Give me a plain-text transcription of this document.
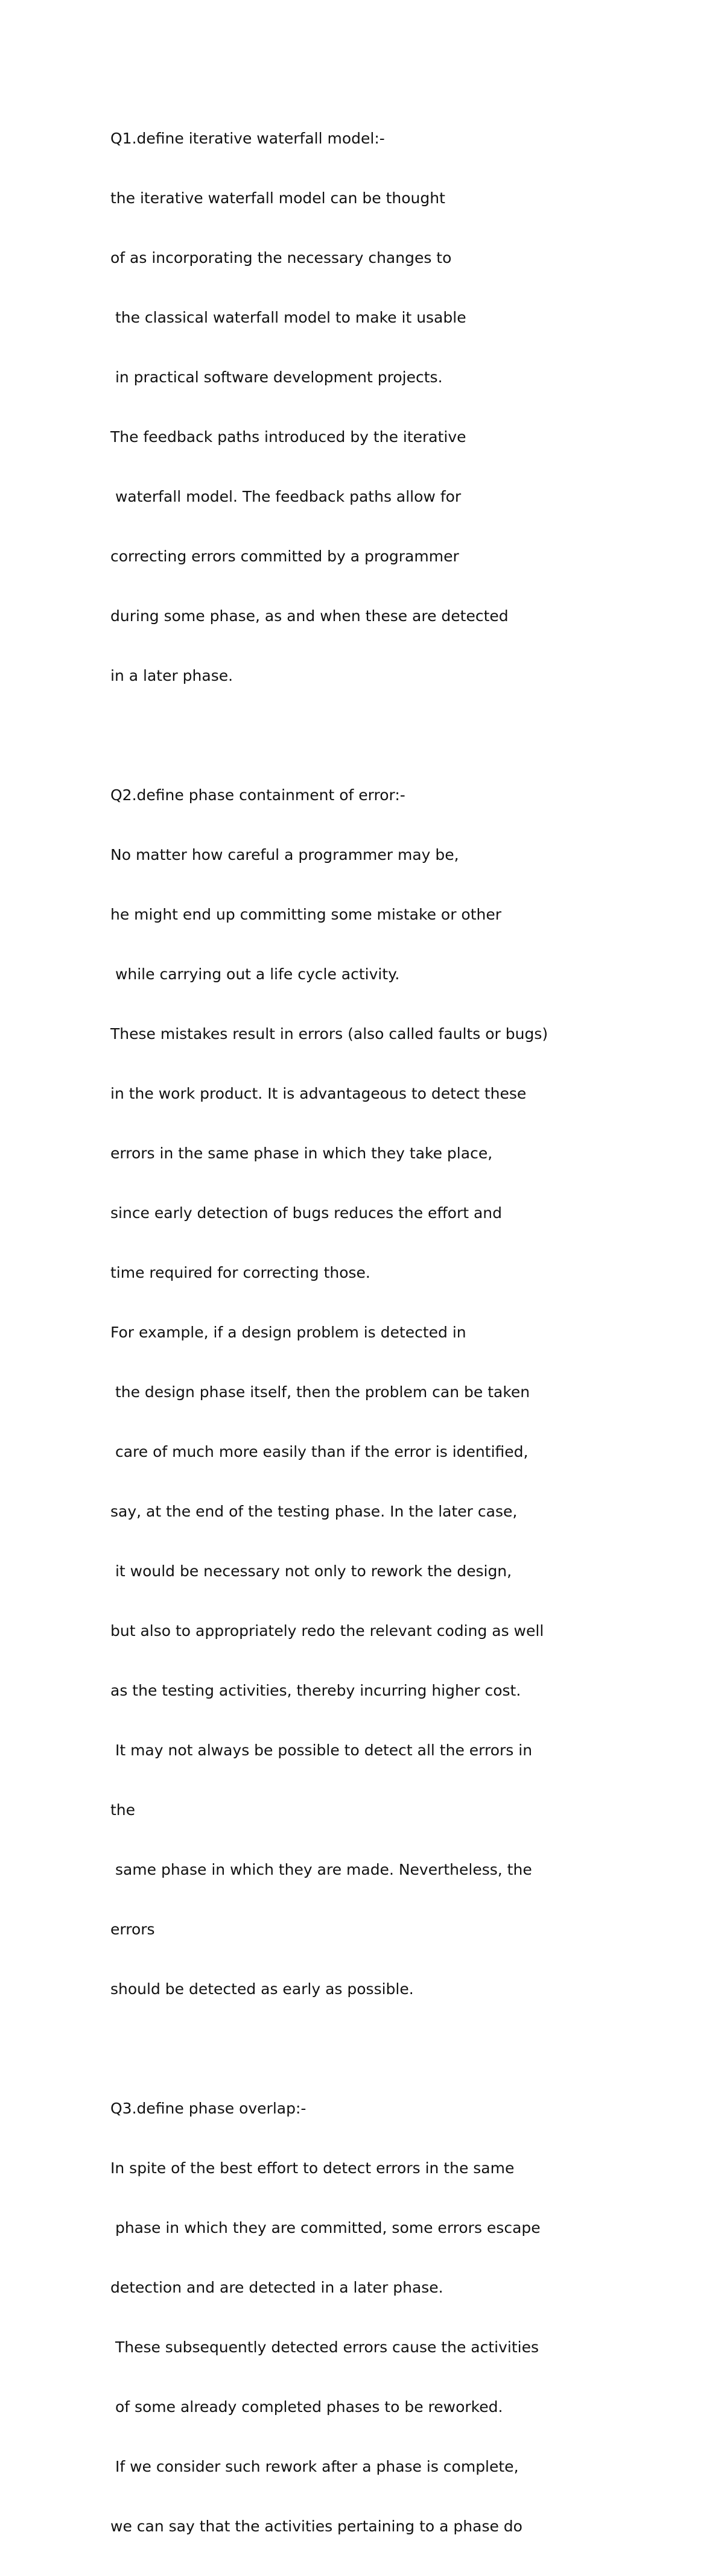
Q1.define iterative waterfall model:-

the iterative waterfall model can be thought

of as incorporating the necessary changes to

the classical waterfall model to make it usable

in practical software development projects.

The feedback paths introduced by the iterative

waterfall model. The feedback paths allow for

correcting errors committed by a programmer

during some phase, as and when these are detected

in a later phase.

Q2.define phase containment of error:-

No matter how careful a programmer may be,

he might end up committing some mistake or other

while carrying out a life cycle activity.

These mistakes result in errors (also called faults or bugs)

in the work product. It is advantageous to detect these

errors in the same phase in which they take place,

since early detection of bugs reduces the effort and

time required for correcting those.

For example, if a design problem is detected in

the design phase itself, then the problem can be taken

care of much more easily than if the error is identified,

say, at the end of the testing phase. In the later case,

it would be necessary not only to rework the design,

but also to appropriately redo the relevant coding as well

as the testing activities, thereby incurring higher cost.

It may not always be possible to detect all the errors in

the

same phase in which they are made. Nevertheless, the

errors

should be detected as early as possible.

Q3.define phase overlap:-

In spite of the best effort to detect errors in the same

phase in which they are committed, some errors escape

detection and are detected in a later phase.

These subsequently detected errors cause the activities

of some already completed phases to be reworked.

If we consider such rework after a phase is complete,

we can say that the activities pertaining to a phase do
